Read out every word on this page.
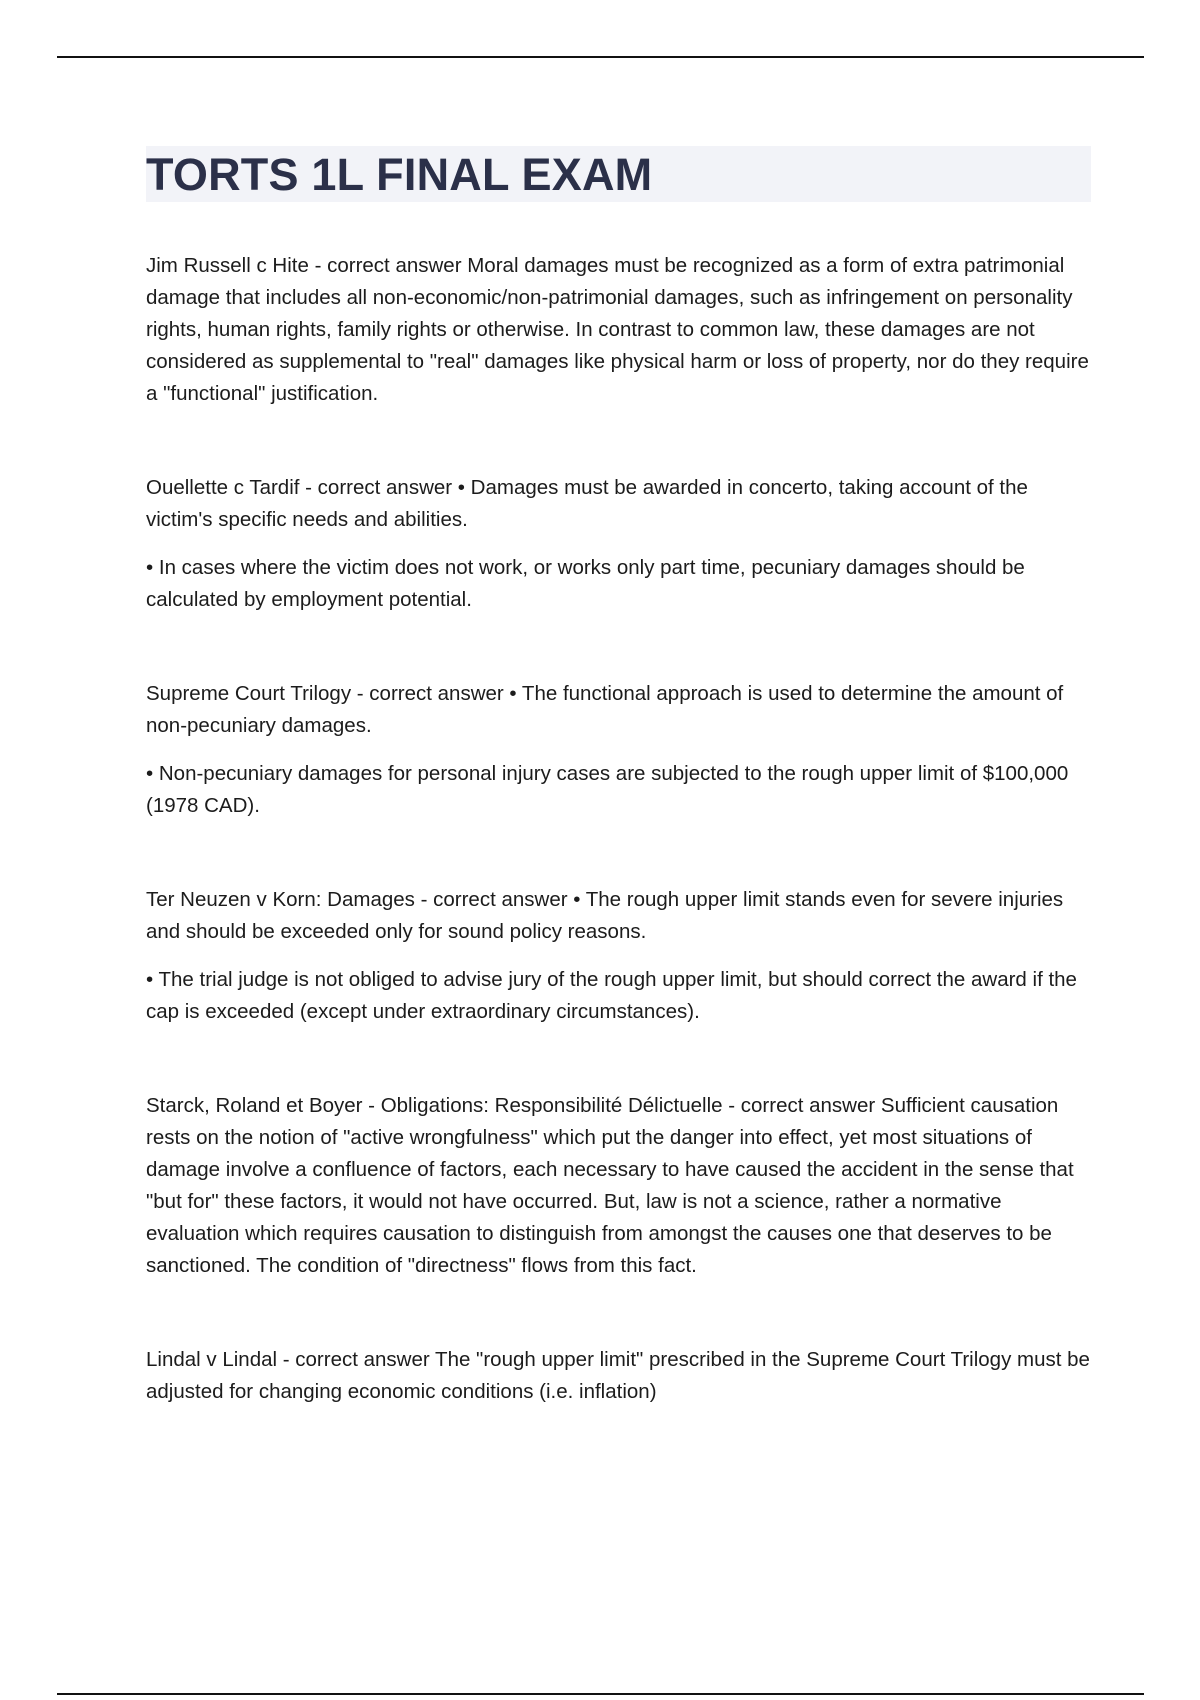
TORTS 1L FINAL EXAM

Jim Russell c Hite - correct answer Moral damages must be recognized as a form of extra patrimonial damage that includes all non-economic/non-patrimonial damages, such as infringement on personality rights, human rights, family rights or otherwise. In contrast to common law, these damages are not considered as supplemental to "real" damages like physical harm or loss of property, nor do they require a "functional" justification.

Ouellette c Tardif - correct answer • Damages must be awarded in concerto, taking account of the victim's specific needs and abilities.

• In cases where the victim does not work, or works only part time, pecuniary damages should be calculated by employment potential.

Supreme Court Trilogy - correct answer • The functional approach is used to determine the amount of non-pecuniary damages.

• Non-pecuniary damages for personal injury cases are subjected to the rough upper limit of $100,000 (1978 CAD).

Ter Neuzen v Korn: Damages - correct answer • The rough upper limit stands even for severe injuries and should be exceeded only for sound policy reasons.

• The trial judge is not obliged to advise jury of the rough upper limit, but should correct the award if the cap is exceeded (except under extraordinary circumstances).

Starck, Roland et Boyer - Obligations: Responsibilité Délictuelle - correct answer Sufficient causation rests on the notion of "active wrongfulness" which put the danger into effect, yet most situations of damage involve a confluence of factors, each necessary to have caused the accident in the sense that "but for" these factors, it would not have occurred. But, law is not a science, rather a normative evaluation which requires causation to distinguish from amongst the causes one that deserves to be sanctioned. The condition of "directness" flows from this fact.

Lindal v Lindal - correct answer The "rough upper limit" prescribed in the Supreme Court Trilogy must be adjusted for changing economic conditions (i.e. inflation)
